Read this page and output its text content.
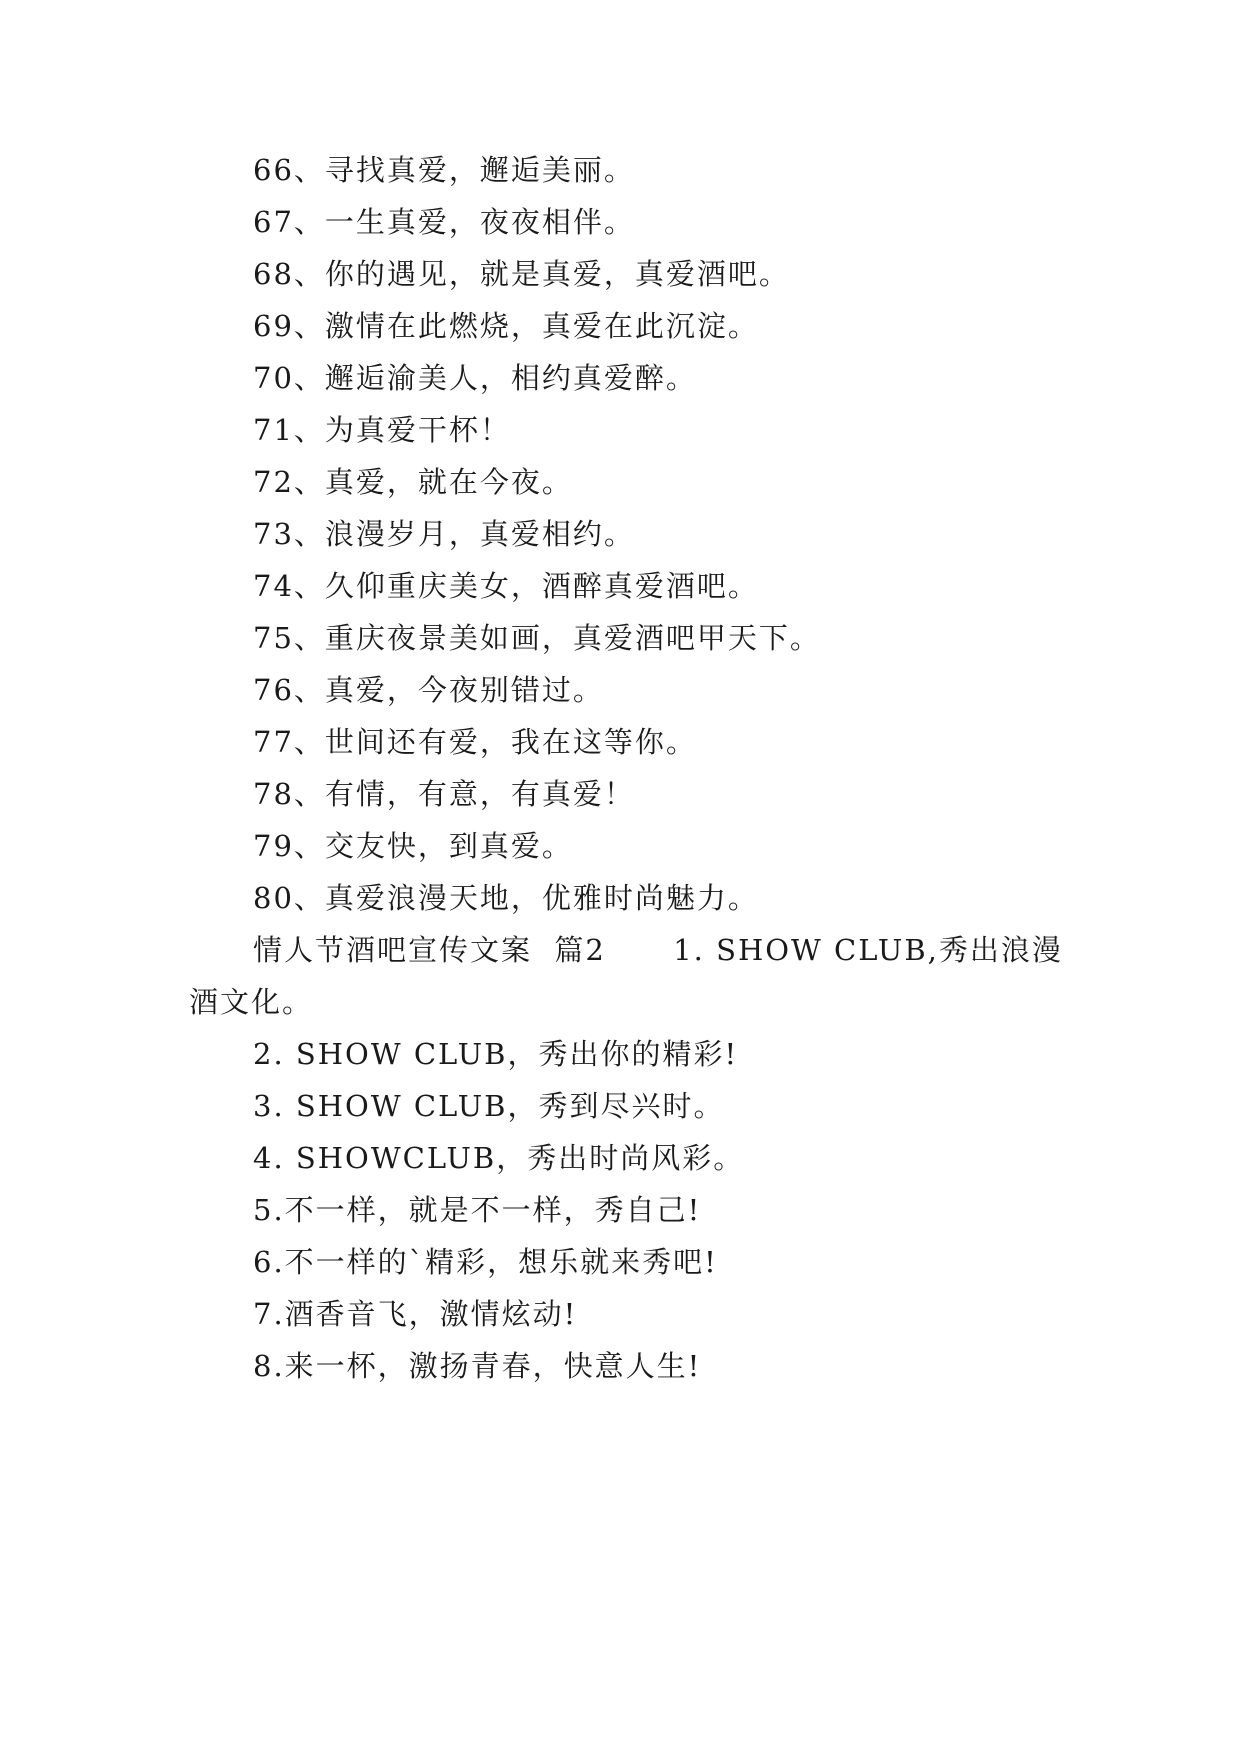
66、寻找真爱，邂逅美丽。
67、一生真爱，夜夜相伴。
68、你的遇见，就是真爱，真爱酒吧。
69、激情在此燃烧，真爱在此沉淀。
70、邂逅渝美人，相约真爱醉。
71、为真爱干杯！
72、真爱，就在今夜。
73、浪漫岁月，真爱相约。
74、久仰重庆美女，酒醉真爱酒吧。
75、重庆夜景美如画，真爱酒吧甲天下。
76、真爱，今夜别错过。
77、世间还有爱，我在这等你。
78、有情，有意，有真爱！
79、交友快，到真爱。
80、真爱浪漫天地，优雅时尚魅力。
情人节酒吧宣传文案  篇2      1. SHOW CLUB,秀出浪漫
酒文化。
2. SHOW CLUB，秀出你的精彩!
3. SHOW CLUB，秀到尽兴时。
4. SHOWCLUB，秀出时尚风彩。
5.不一样，就是不一样，秀自己!
6.不一样的`精彩，想乐就来秀吧!
7.酒香音飞，激情炫动!
8.来一杯，激扬青春，快意人生!
